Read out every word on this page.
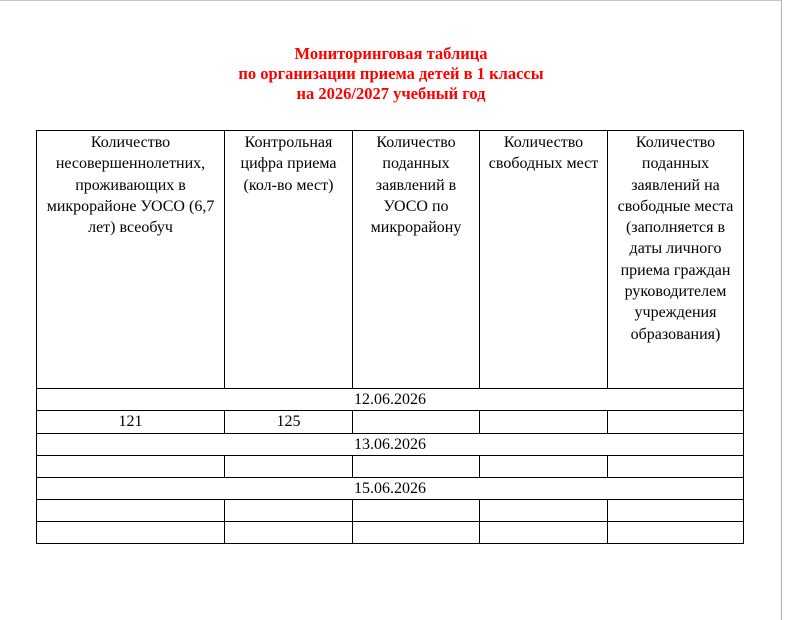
Мониторинговая таблица
по организации приема детей в 1 классы
на 2026/2027 учебный год
Количество несовершеннолетних, проживающих в микрорайоне УОСО (6,7 лет) всеобуч	Контрольная цифра приема (кол-во мест)	Количество поданных заявлений в УОСО по микрорайону	Количество свободных мест	Количество поданных заявлений на свободные места (заполняется в даты личного приема граждан руководителем учреждения образования)
12.06.2026				
121	125			
13.06.2026				

15.06.2026				
